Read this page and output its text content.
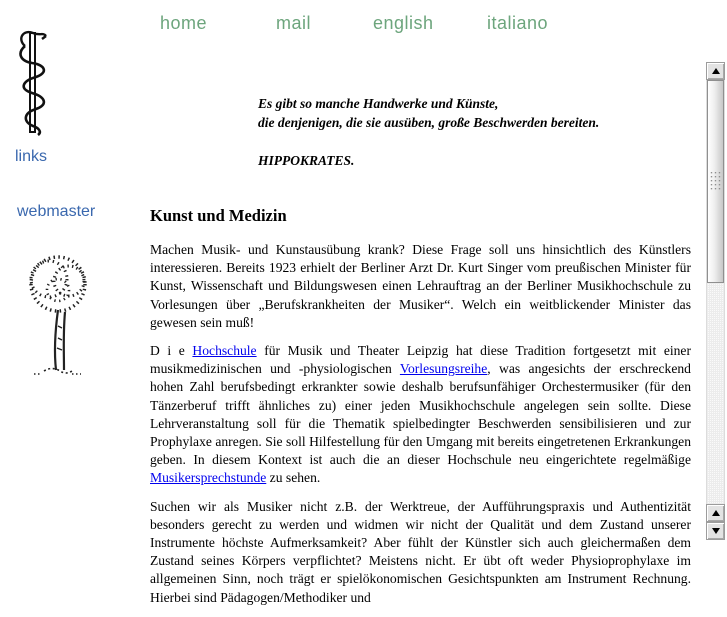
home	mail	english	italiano
links
webmaster
Es gibt so manche Handwerke und Künste,
die denjenigen, die sie ausüben, große Beschwerden bereiten.
HIPPOKRATES.
Kunst und Medizin

Machen Musik- und Kunstausübung krank? Diese Frage soll uns hinsichtlich des Künstlers interessieren. Bereits 1923 erhielt der Berliner Arzt Dr. Kurt Singer vom preußischen Minister für Kunst, Wissenschaft und Bildungswesen einen Lehrauftrag an der Berliner Musikhochschule zu Vorlesungen über „Berufskrankheiten der Musiker“. Welch ein weitblickender Minister das gewesen sein muß!

D i e Hochschule für Musik und Theater Leipzig hat diese Tradition fortgesetzt mit einer musikmedizinischen und -physiologischen Vorlesungsreihe, was angesichts der erschreckend hohen Zahl berufsbedingt erkrankter sowie deshalb berufsunfähiger Orchestermusiker (für den Tänzerberuf trifft ähnliches zu) einer jeden Musikhochschule angelegen sein sollte. Diese Lehrveranstaltung soll für die Thematik spielbedingter Beschwerden sensibilisieren und zur Prophylaxe anregen. Sie soll Hilfestellung für den Umgang mit bereits eingetretenen Erkrankungen geben. In diesem Kontext ist auch die an dieser Hochschule neu eingerichtete regelmäßige Musikersprechstunde zu sehen.

Suchen wir als Musiker nicht z.B. der Werktreue, der Aufführungspraxis und Authentizität besonders gerecht zu werden und widmen wir nicht der Qualität und dem Zustand unserer Instrumente höchste Aufmerksamkeit? Aber fühlt der Künstler sich auch gleichermaßen dem Zustand seines Körpers verpflichtet? Meistens nicht. Er übt oft weder Physioprophylaxe im allgemeinen Sinn, noch trägt er spielökonomischen Gesichtspunkten am Instrument Rechnung. Hierbei sind Pädagogen/Methodiker und
